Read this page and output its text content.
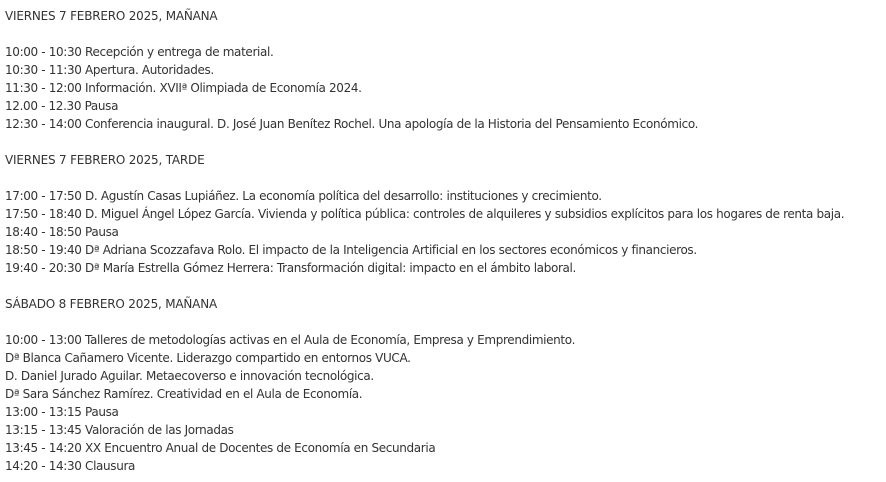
VIERNES 7 FEBRERO 2025, MAÑANA
10:00 - 10:30 Recepción y entrega de material.
10:30 - 11:30 Apertura. Autoridades.
11:30 - 12:00 Información. XVIIª Olimpiada de Economía 2024.
12.00 - 12.30 Pausa
12:30 - 14:00 Conferencia inaugural. D. José Juan Benítez Rochel. Una apología de la Historia del Pensamiento Económico.
VIERNES 7 FEBRERO 2025, TARDE
17:00 - 17:50 D. Agustín Casas Lupiáñez. La economía política del desarrollo: instituciones y crecimiento.
17:50 - 18:40 D. Miguel Ángel López García. Vivienda y política pública: controles de alquileres y subsidios explícitos para los hogares de renta baja.
18:40 - 18:50 Pausa
18:50 - 19:40 Dª Adriana Scozzafava Rolo. El impacto de la Inteligencia Artificial en los sectores económicos y financieros.
19:40 - 20:30 Dª María Estrella Gómez Herrera: Transformación digital: impacto en el ámbito laboral.
SÁBADO 8 FEBRERO 2025, MAÑANA
10:00 - 13:00 Talleres de metodologías activas en el Aula de Economía, Empresa y Emprendimiento.
Dª Blanca Cañamero Vicente. Liderazgo compartido en entornos VUCA.
D. Daniel Jurado Aguilar. Metaecoverso e innovación tecnológica.
Dª Sara Sánchez Ramírez. Creatividad en el Aula de Economía.
13:00 - 13:15 Pausa
13:15 - 13:45 Valoración de las Jornadas
13:45 - 14:20 XX Encuentro Anual de Docentes de Economía en Secundaria
14:20 - 14:30 Clausura
